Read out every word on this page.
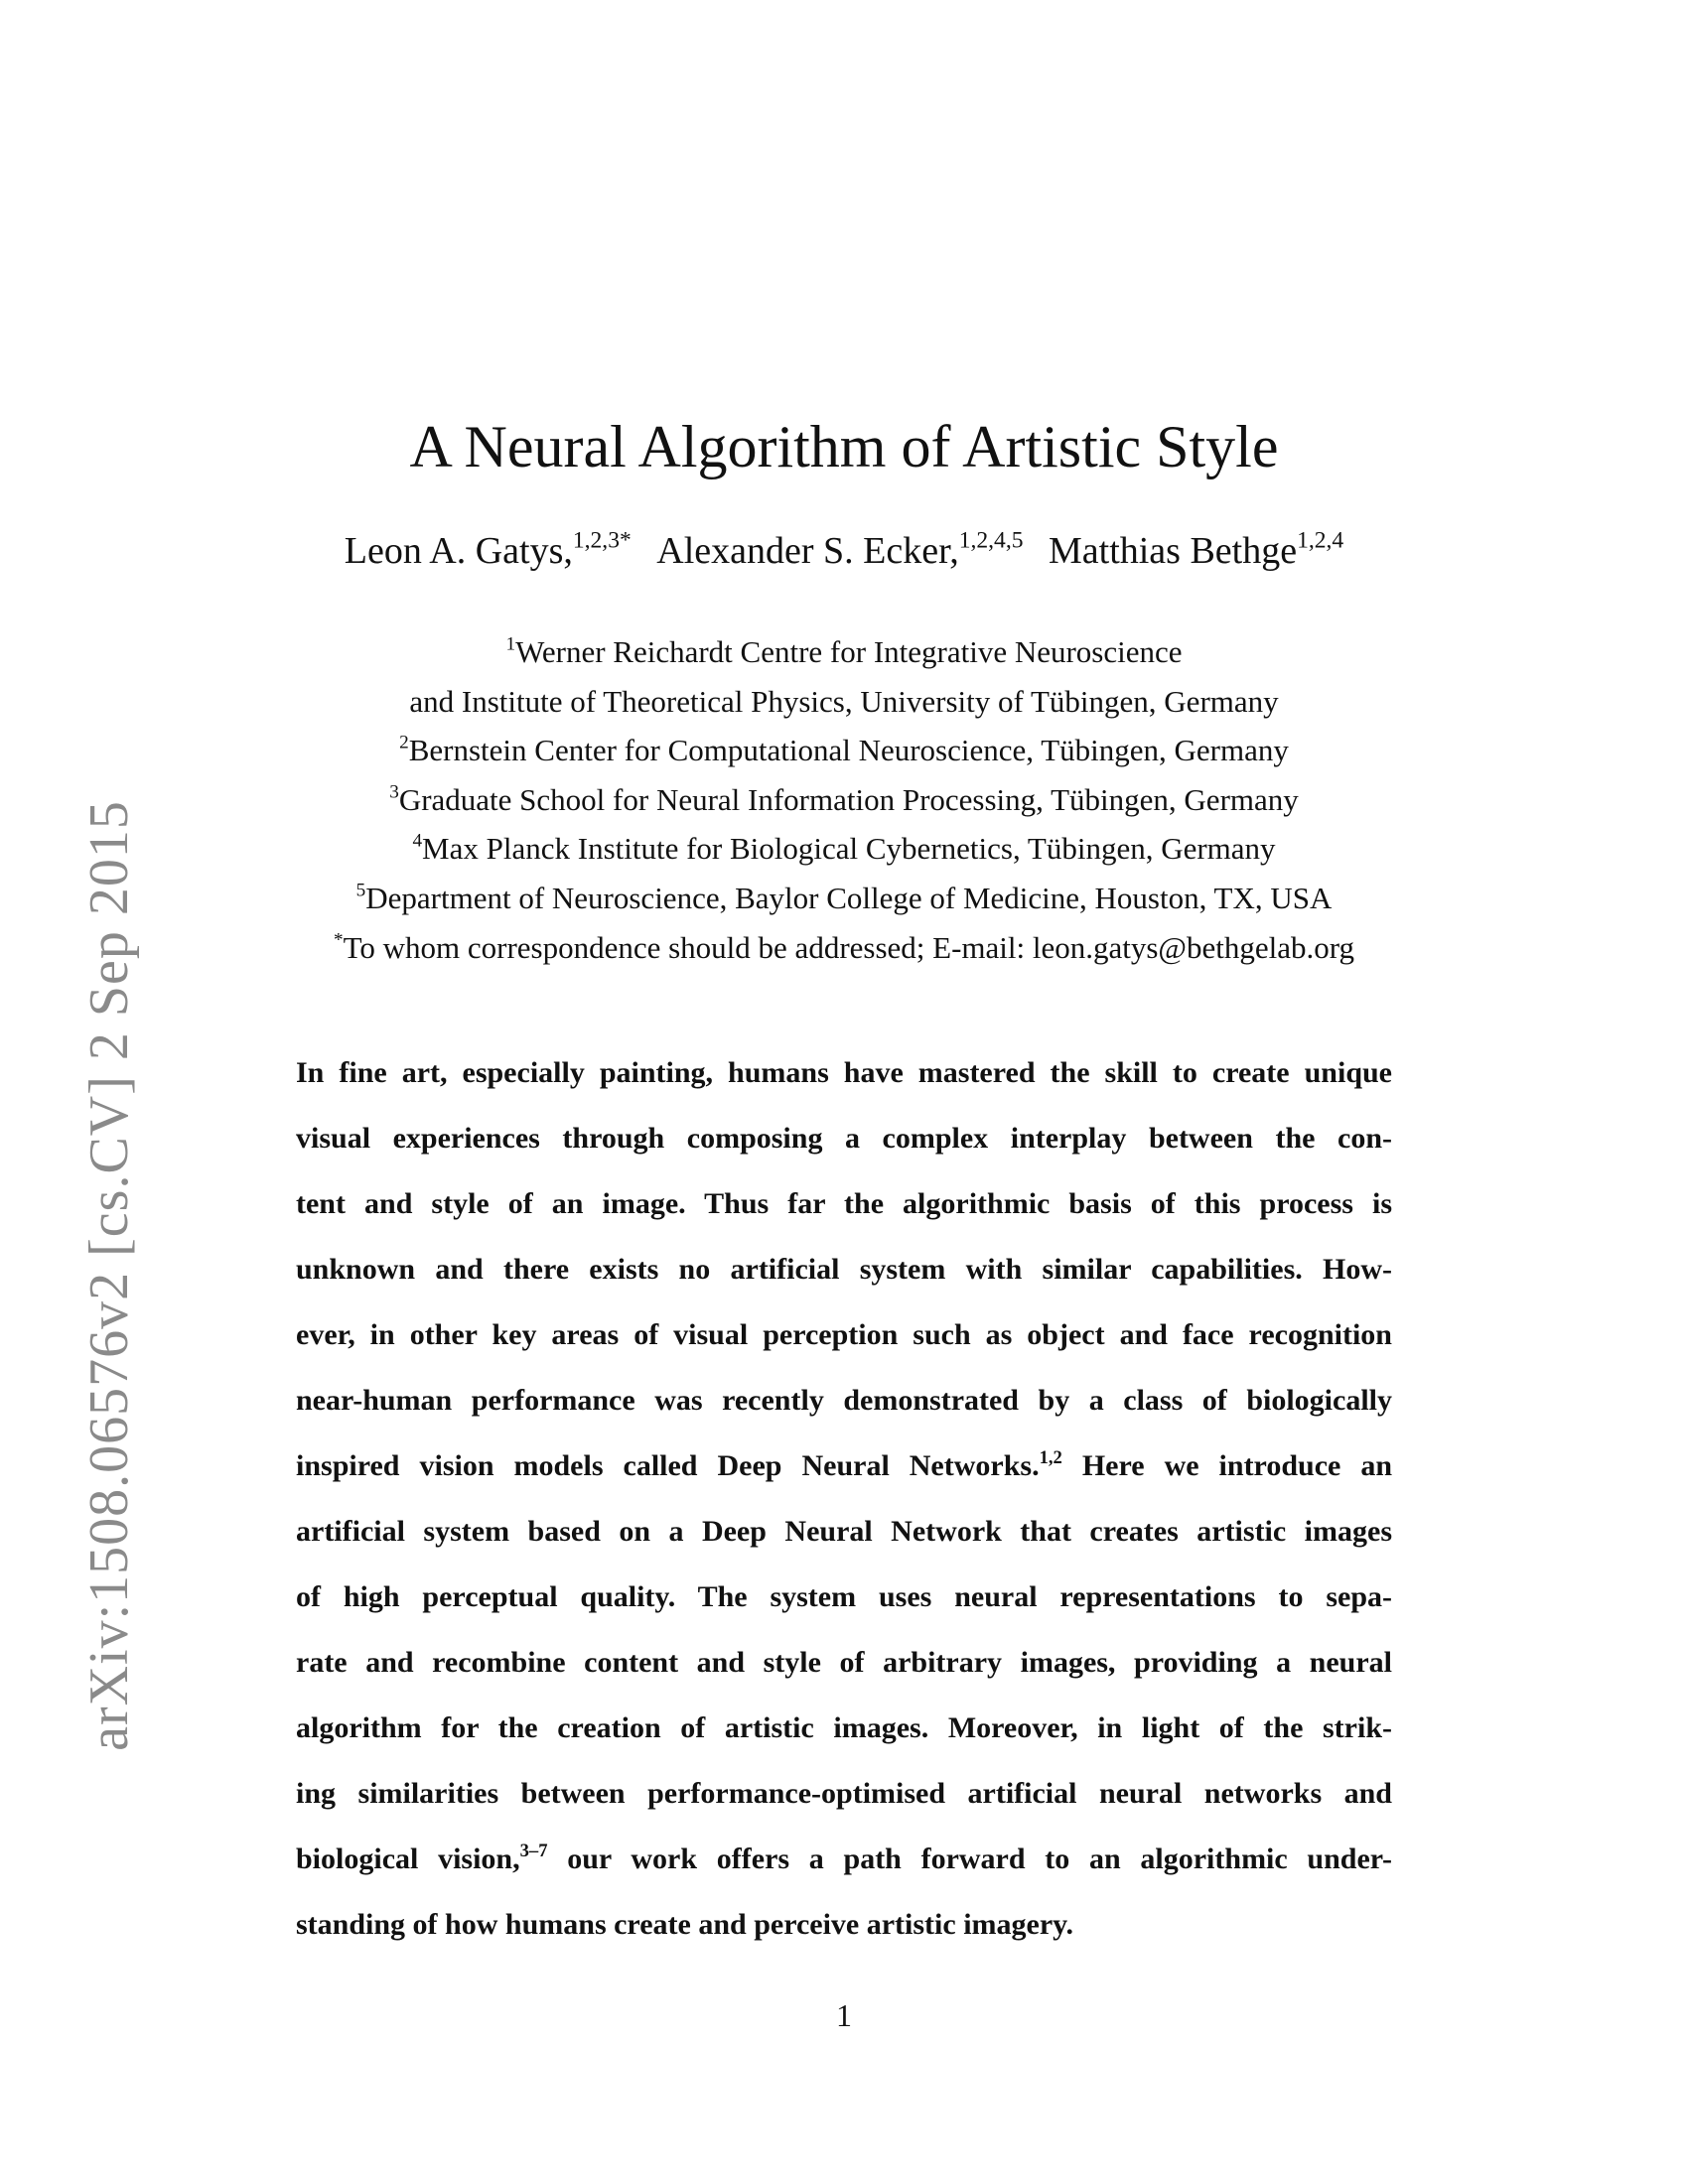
arXiv:1508.06576v2 [cs.CV] 2 Sep 2015
A Neural Algorithm of Artistic Style
Leon A. Gatys,$^{1,2,3*}$ Alexander S. Ecker,$^{1,2,4,5}$ Matthias Bethge$^{1,2,4}$
$^1$Werner Reichardt Centre for Integrative Neuroscience
and Institute of Theoretical Physics, University of Tübingen, Germany
$^2$Bernstein Center for Computational Neuroscience, Tübingen, Germany
$^3$Graduate School for Neural Information Processing, Tübingen, Germany
$^4$Max Planck Institute for Biological Cybernetics, Tübingen, Germany
$^5$Department of Neuroscience, Baylor College of Medicine, Houston, TX, USA
*To whom correspondence should be addressed; E-mail: leon.gatys@bethgelab.org
In fine art, especially painting, humans have mastered the skill to create unique
visual experiences through composing a complex interplay between the con-
tent and style of an image. Thus far the algorithmic basis of this process is
unknown and there exists no artificial system with similar capabilities. How-
ever, in other key areas of visual perception such as object and face recognition
near-human performance was recently demonstrated by a class of biologically
inspired vision models called Deep Neural Networks.$^{1,2}$ Here we introduce an
artificial system based on a Deep Neural Network that creates artistic images
of high perceptual quality. The system uses neural representations to sepa-
rate and recombine content and style of arbitrary images, providing a neural
algorithm for the creation of artistic images. Moreover, in light of the strik-
ing similarities between performance-optimised artificial neural networks and
biological vision,$^{3-7}$ our work offers a path forward to an algorithmic under-
standing of how humans create and perceive artistic imagery.
1
